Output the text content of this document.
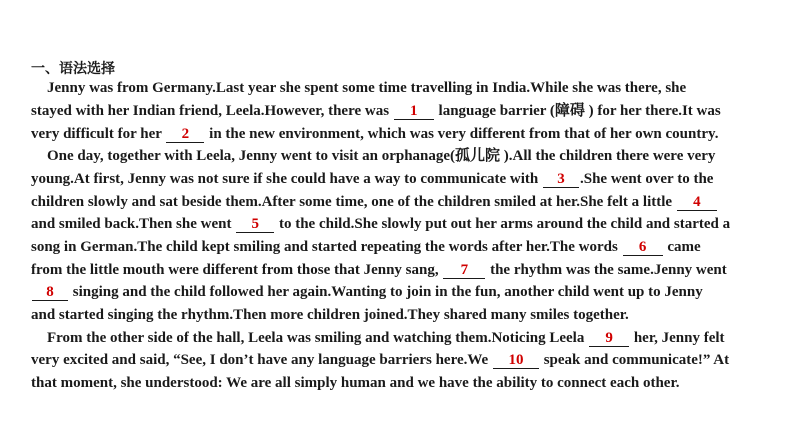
一、语法选择
Jenny was from Germany.Last year she spent some time travelling in India.While she was there, she
stayed with her Indian friend, Leela.However, there was 1 language barrier (障碍 ) for her there.It was
very difficult for her 2 in the new environment, which was very different from that of her own country.
One day, together with Leela, Jenny went to visit an orphanage(孤儿院 ).All the children there were very
young.At first, Jenny was not sure if she could have a way to communicate with 3 .She went over to the
children slowly and sat beside them.After some time, one of the children smiled at her.She felt a little 4
and smiled back.Then she went 5 to the child.She slowly put out her arms around the child and started a
song in German.The child kept smiling and started repeating the words after her.The words 6 came
from the little mouth were different from those that Jenny sang, 7 the rhythm was the same.Jenny went
8 singing and the child followed her again.Wanting to join in the fun, another child went up to Jenny
and started singing the rhythm.Then more children joined.They shared many smiles together.
From the other side of the hall, Leela was smiling and watching them.Noticing Leela 9 her, Jenny felt
very excited and said, “See, I don’t have any language barriers here.We 10 speak and communicate!” At
that moment, she understood: We are all simply human and we have the ability to connect each other.
